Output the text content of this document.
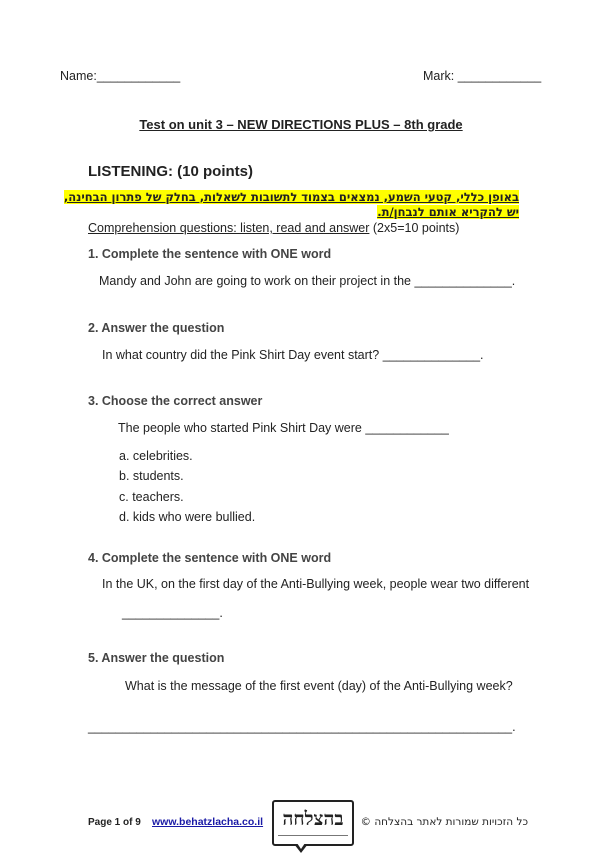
Name:____________	Mark: ____________
Test on unit 3 – NEW DIRECTIONS PLUS – 8th grade
LISTENING: (10 points)
באופן כללי, קטעי השמע, נמצאים בצמוד לתשובות לשאלות, בחלק של פתרון הבחינה,
יש להקריא אותם לנבחן/ת.
Comprehension questions: listen, read and answer (2x5=10 points)
1. Complete the sentence with ONE word
Mandy and John are going to work on their project in the ______________.
2. Answer the question
In what country did the Pink Shirt Day event start? ______________.
3. Choose the correct answer
The people who started Pink Shirt Day were ____________
a. celebrities.
b. students.
c. teachers.
d. kids who were bullied.
4. Complete the sentence with ONE word
In the UK, on the first day of the Anti-Bullying week, people wear two different
______________.
5. Answer the question
What is the message of the first event (day) of the Anti-Bullying week?
_____________________________________________________________.
Page 1 of 9 www.behatzlacha.co.il	בהצלחה	כל הזכויות שמורות לאתר בהצלחה ©
